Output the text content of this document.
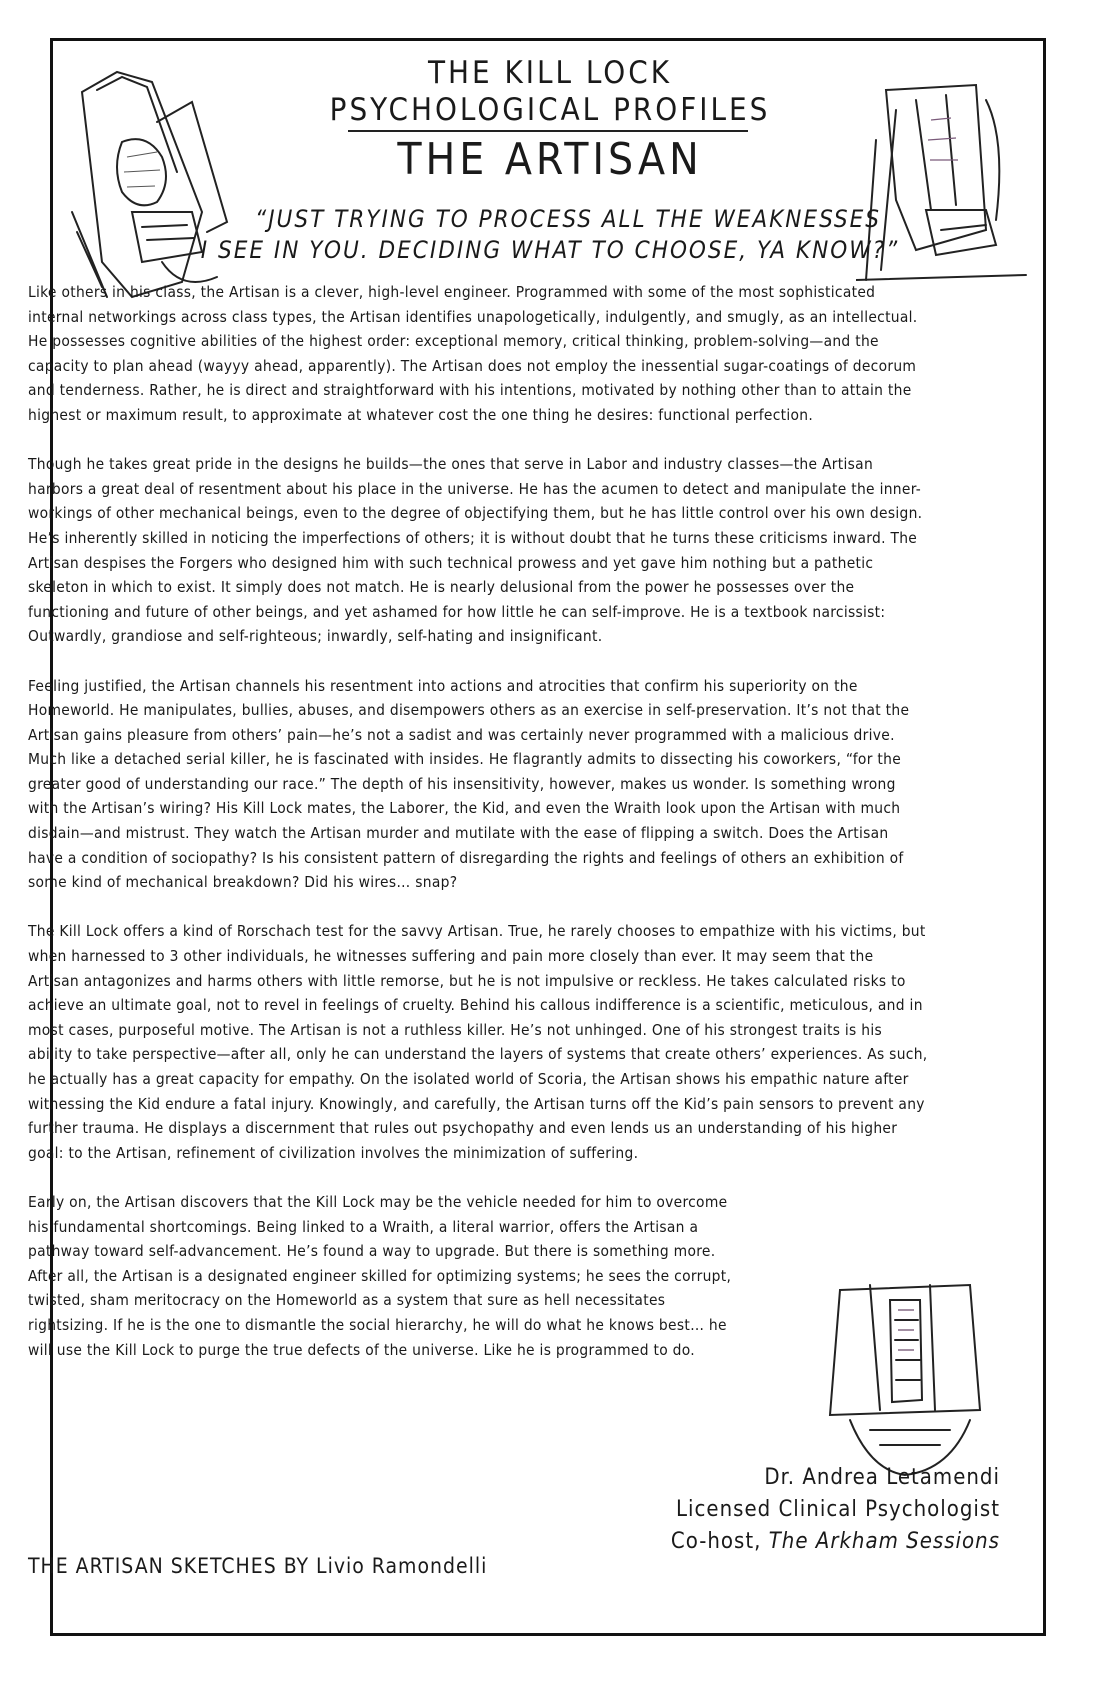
THE KILL LOCK
PSYCHOLOGICAL PROFILES
THE ARTISAN
“JUST TRYING TO PROCESS ALL THE WEAKNESSES
I SEE IN YOU. DECIDING WHAT TO CHOOSE, YA KNOW?”

Like others in his class, the Artisan is a clever, high-level engineer. Programmed with some of the most sophisticated internal networkings across class types, the Artisan identifies unapologetically, indulgently, and smugly, as an intellectual. He possesses cognitive abilities of the highest order: exceptional memory, critical thinking, problem-solving—and the capacity to plan ahead (wayyy ahead, apparently). The Artisan does not employ the inessential sugar-coatings of decorum and tenderness. Rather, he is direct and straightforward with his intentions, motivated by nothing other than to attain the highest or maximum result, to approximate at whatever cost the one thing he desires: functional perfection.

Though he takes great pride in the designs he builds—the ones that serve in Labor and industry classes—the Artisan harbors a great deal of resentment about his place in the universe. He has the acumen to detect and manipulate the inner-workings of other mechanical beings, even to the degree of objectifying them, but he has little control over his own design. He’s inherently skilled in noticing the imperfections of others; it is without doubt that he turns these criticisms inward. The Artisan despises the Forgers who designed him with such technical prowess and yet gave him nothing but a pathetic skeleton in which to exist. It simply does not match. He is nearly delusional from the power he possesses over the functioning and future of other beings, and yet ashamed for how little he can self-improve. He is a textbook narcissist: Outwardly, grandiose and self-righteous; inwardly, self-hating and insignificant.

Feeling justified, the Artisan channels his resentment into actions and atrocities that confirm his superiority on the Homeworld. He manipulates, bullies, abuses, and disempowers others as an exercise in self-preservation. It’s not that the Artisan gains pleasure from others’ pain—he’s not a sadist and was certainly never programmed with a malicious drive. Much like a detached serial killer, he is fascinated with insides. He flagrantly admits to dissecting his coworkers, “for the greater good of understanding our race.” The depth of his insensitivity, however, makes us wonder. Is something wrong with the Artisan’s wiring? His Kill Lock mates, the Laborer, the Kid, and even the Wraith look upon the Artisan with much disdain—and mistrust. They watch the Artisan murder and mutilate with the ease of flipping a switch. Does the Artisan have a condition of sociopathy? Is his consistent pattern of disregarding the rights and feelings of others an exhibition of some kind of mechanical breakdown? Did his wires… snap?

The Kill Lock offers a kind of Rorschach test for the savvy Artisan. True, he rarely chooses to empathize with his victims, but when harnessed to 3 other individuals, he witnesses suffering and pain more closely than ever. It may seem that the Artisan antagonizes and harms others with little remorse, but he is not impulsive or reckless. He takes calculated risks to achieve an ultimate goal, not to revel in feelings of cruelty. Behind his callous indifference is a scientific, meticulous, and in most cases, purposeful motive. The Artisan is not a ruthless killer. He’s not unhinged. One of his strongest traits is his ability to take perspective—after all, only he can understand the layers of systems that create others’ experiences. As such, he actually has a great capacity for empathy. On the isolated world of Scoria, the Artisan shows his empathic nature after witnessing the Kid endure a fatal injury. Knowingly, and carefully, the Artisan turns off the Kid’s pain sensors to prevent any further trauma. He displays a discernment that rules out psychopathy and even lends us an understanding of his higher goal: to the Artisan, refinement of civilization involves the minimization of suffering.

Early on, the Artisan discovers that the Kill Lock may be the vehicle needed for him to overcome his fundamental shortcomings. Being linked to a Wraith, a literal warrior, offers the Artisan a pathway toward self-advancement. He’s found a way to upgrade. But there is something more. After all, the Artisan is a designated engineer skilled for optimizing systems; he sees the corrupt, twisted, sham meritocracy on the Homeworld as a system that sure as hell necessitates rightsizing. If he is the one to dismantle the social hierarchy, he will do what he knows best… he will use the Kill Lock to purge the true defects of the universe. Like he is programmed to do.

Dr. Andrea Letamendi
Licensed Clinical Psychologist
Co-host, The Arkham Sessions
THE ARTISAN SKETCHES BY Livio Ramondelli
